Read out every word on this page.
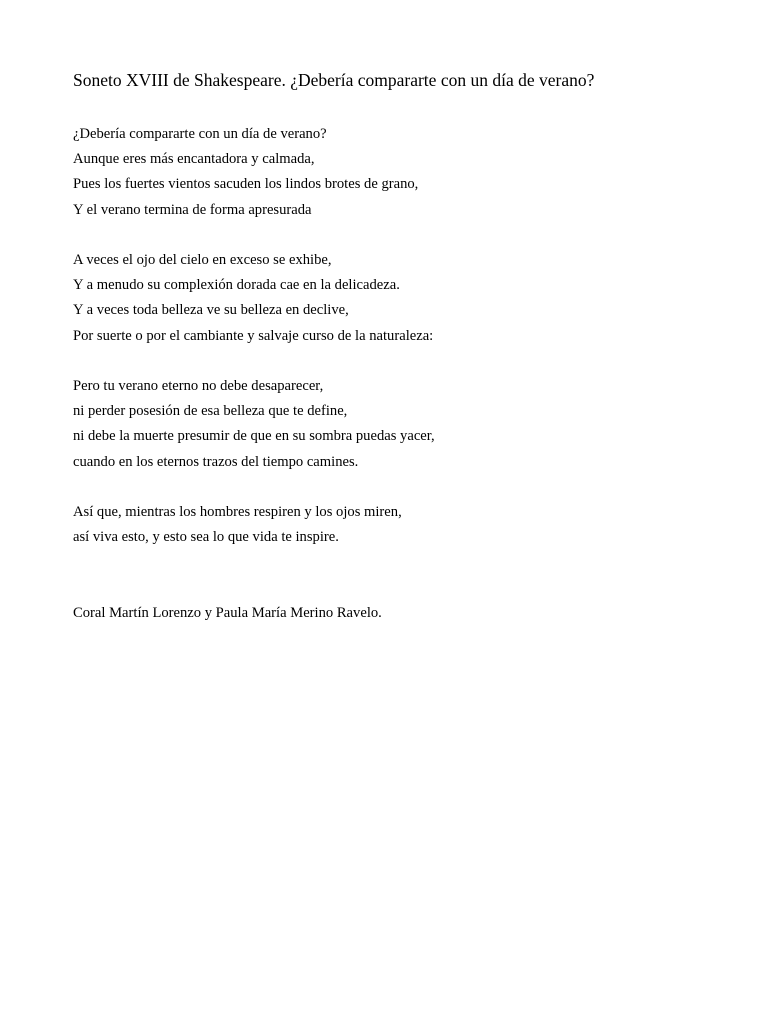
Soneto XVIII de Shakespeare. ¿Debería compararte con un día de verano?
¿Debería compararte con un día de verano?
Aunque eres más encantadora y calmada,
Pues los fuertes vientos sacuden los lindos brotes de grano,
Y el verano termina de forma apresurada
A veces el ojo del cielo en exceso se exhibe,
Y a menudo su complexión dorada cae en la delicadeza.
Y a veces toda belleza ve su belleza en declive,
Por suerte o por el cambiante y salvaje curso de la naturaleza:
Pero tu verano eterno no debe desaparecer,
ni perder posesión de esa belleza que te define,
ni debe la muerte presumir de que en su sombra puedas yacer,
cuando en los eternos trazos del tiempo camines.
Así que, mientras los hombres respiren y los ojos miren,
así viva esto, y esto sea lo que vida te inspire.
Coral Martín Lorenzo y Paula María Merino Ravelo.
